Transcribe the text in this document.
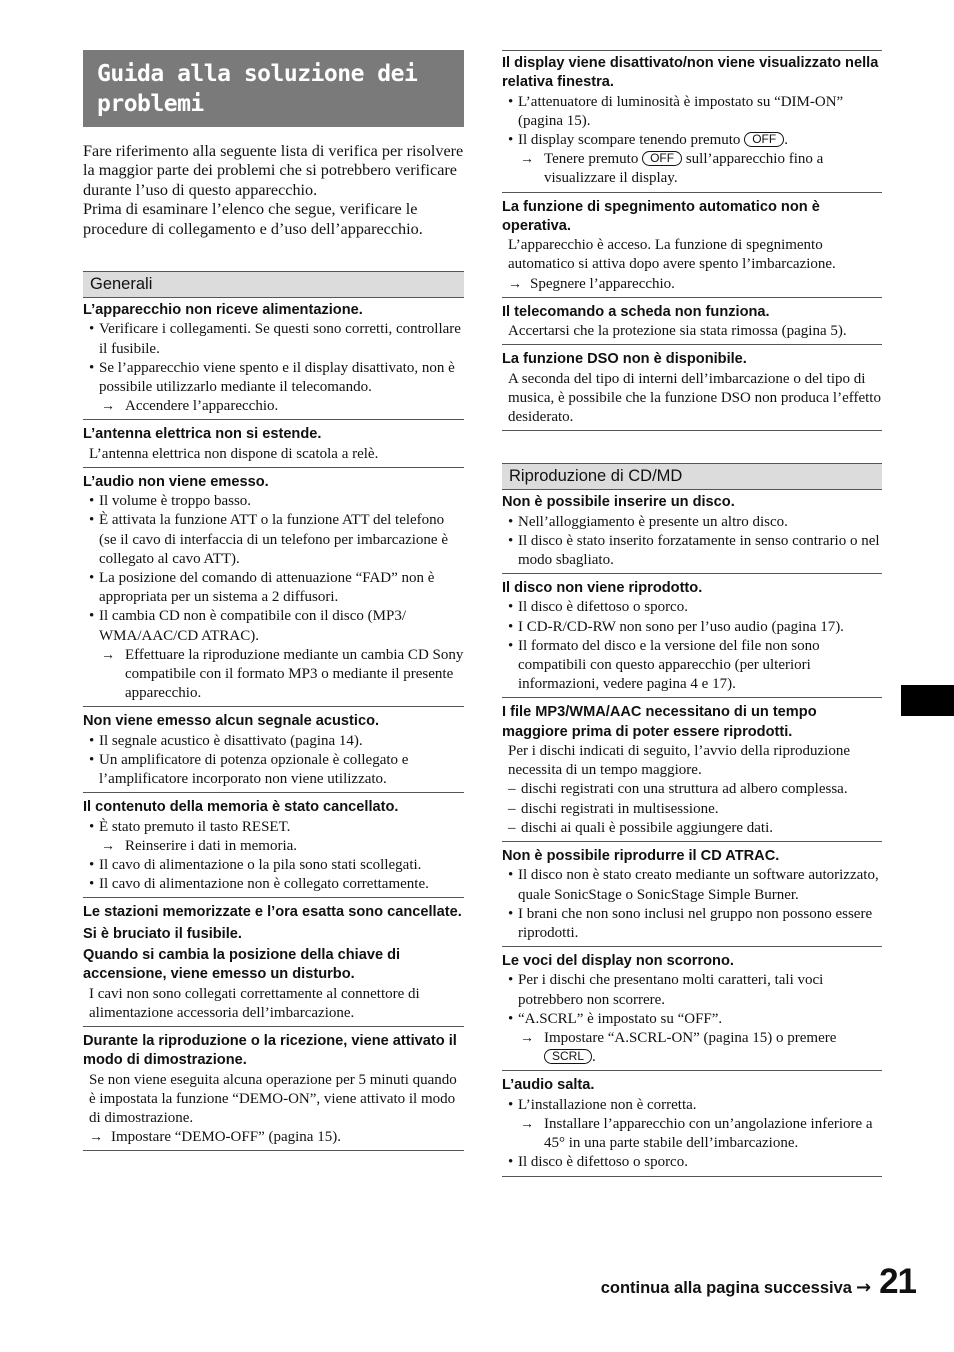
Guida alla soluzione dei problemi
Fare riferimento alla seguente lista di verifica per risolvere la maggior parte dei problemi che si potrebbero verificare durante l’uso di questo apparecchio.
Prima di esaminare l’elenco che segue, verificare le procedure di collegamento e d’uso dell’apparecchio.
Generali
L’apparecchio non riceve alimentazione.
• Verificare i collegamenti. Se questi sono corretti, controllare il fusibile.
• Se l’apparecchio viene spento e il display disattivato, non è possibile utilizzarlo mediante il telecomando.
→ Accendere l’apparecchio.
L’antenna elettrica non si estende.
L’antenna elettrica non dispone di scatola a relè.
L’audio non viene emesso.
• Il volume è troppo basso.
• È attivata la funzione ATT o la funzione ATT del telefono (se il cavo di interfaccia di un telefono per imbarcazione è collegato al cavo ATT).
• La posizione del comando di attenuazione “FAD” non è appropriata per un sistema a 2 diffusori.
• Il cambia CD non è compatibile con il disco (MP3/ WMA/AAC/CD ATRAC).
→ Effettuare la riproduzione mediante un cambia CD Sony compatibile con il formato MP3 o mediante il presente apparecchio.
Non viene emesso alcun segnale acustico.
• Il segnale acustico è disattivato (pagina 14).
• Un amplificatore di potenza opzionale è collegato e l’amplificatore incorporato non viene utilizzato.
Il contenuto della memoria è stato cancellato.
• È stato premuto il tasto RESET.
→ Reinserire i dati in memoria.
• Il cavo di alimentazione o la pila sono stati scollegati.
• Il cavo di alimentazione non è collegato correttamente.
Le stazioni memorizzate e l’ora esatta sono cancellate.
Si è bruciato il fusibile.
Quando si cambia la posizione della chiave di accensione, viene emesso un disturbo.
I cavi non sono collegati correttamente al connettore di alimentazione accessoria dell’imbarcazione.
Durante la riproduzione o la ricezione, viene attivato il modo di dimostrazione.
Se non viene eseguita alcuna operazione per 5 minuti quando è impostata la funzione “DEMO-ON”, viene attivato il modo di dimostrazione.
→ Impostare “DEMO-OFF” (pagina 15).
Il display viene disattivato/non viene visualizzato nella relativa finestra.
• L’attenuatore di luminosità è impostato su “DIM-ON” (pagina 15).
• Il display scompare tenendo premuto OFF .
→ Tenere premuto OFF sull’apparecchio fino a visualizzare il display.
La funzione di spegnimento automatico non è operativa.
L’apparecchio è acceso. La funzione di spegnimento automatico si attiva dopo avere spento l’imbarcazione.
→ Spegnere l’apparecchio.
Il telecomando a scheda non funziona.
Accertarsi che la protezione sia stata rimossa (pagina 5).
La funzione DSO non è disponibile.
A seconda del tipo di interni dell’imbarcazione o del tipo di musica, è possibile che la funzione DSO non produca l’effetto desiderato.
Riproduzione di CD/MD
Non è possibile inserire un disco.
• Nell’alloggiamento è presente un altro disco.
• Il disco è stato inserito forzatamente in senso contrario o nel modo sbagliato.
Il disco non viene riprodotto.
• Il disco è difettoso o sporco.
• I CD-R/CD-RW non sono per l’uso audio (pagina 17).
• Il formato del disco e la versione del file non sono compatibili con questo apparecchio (per ulteriori informazioni, vedere pagina 4 e 17).
I file MP3/WMA/AAC necessitano di un tempo maggiore prima di poter essere riprodotti.
Per i dischi indicati di seguito, l’avvio della riproduzione necessita di un tempo maggiore.
– dischi registrati con una struttura ad albero complessa.
– dischi registrati in multisessione.
– dischi ai quali è possibile aggiungere dati.
Non è possibile riprodurre il CD ATRAC.
• Il disco non è stato creato mediante un software autorizzato, quale SonicStage o SonicStage Simple Burner.
• I brani che non sono inclusi nel gruppo non possono essere riprodotti.
Le voci del display non scorrono.
• Per i dischi che presentano molti caratteri, tali voci potrebbero non scorrere.
• “A.SCRL” è impostato su “OFF”.
→ Impostare “A.SCRL-ON” (pagina 15) o premere SCRL .
L’audio salta.
• L’installazione non è corretta.
→ Installare l’apparecchio con un’angolazione inferiore a 45° in una parte stabile dell’imbarcazione.
• Il disco è difettoso o sporco.
continua alla pagina successiva → 21
